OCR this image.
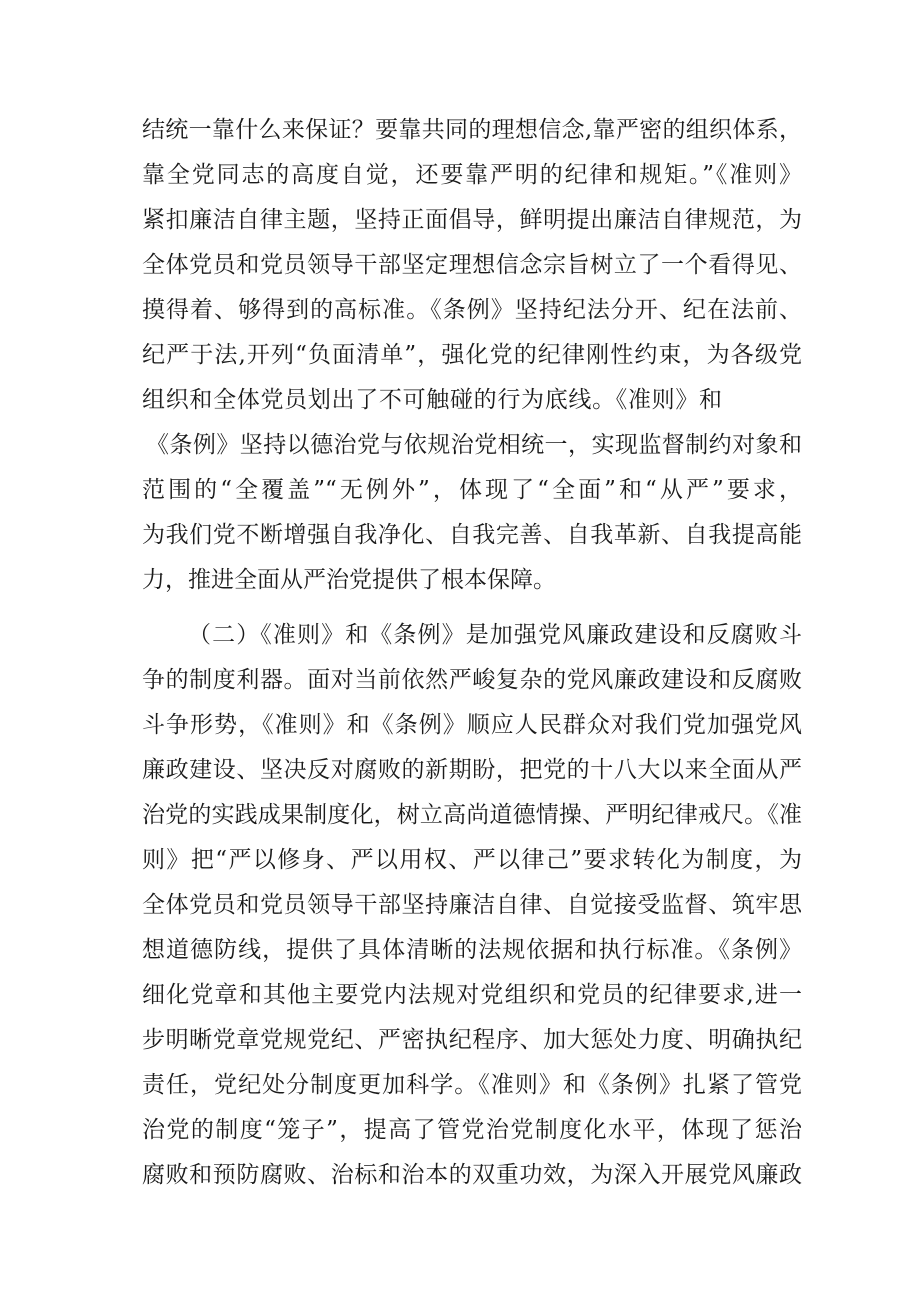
结统一靠什么来保证？要靠共同的理想信念,靠严密的组织体系，
靠全党同志的高度自觉，还要靠严明的纪律和规矩。”《准则》
紧扣廉洁自律主题，坚持正面倡导，鲜明提出廉洁自律规范，为
全体党员和党员领导干部坚定理想信念宗旨树立了一个看得见、
摸得着、够得到的高标准。《条例》坚持纪法分开、纪在法前、
纪严于法,开列“负面清单”，强化党的纪律刚性约束，为各级党
组织和全体党员划出了不可触碰的行为底线。《准则》和
《条例》坚持以德治党与依规治党相统一，实现监督制约对象和
范围的“全覆盖”“无例外”，体现了“全面”和“从严”要求，
为我们党不断增强自我净化、自我完善、自我革新、自我提高能
力，推进全面从严治党提供了根本保障。
（二）《准则》和《条例》是加强党风廉政建设和反腐败斗
争的制度利器。面对当前依然严峻复杂的党风廉政建设和反腐败
斗争形势，《准则》和《条例》顺应人民群众对我们党加强党风
廉政建设、坚决反对腐败的新期盼，把党的十八大以来全面从严
治党的实践成果制度化，树立高尚道德情操、严明纪律戒尺。《准
则》把“严以修身、严以用权、严以律己”要求转化为制度，为
全体党员和党员领导干部坚持廉洁自律、自觉接受监督、筑牢思
想道德防线，提供了具体清晰的法规依据和执行标准。《条例》
细化党章和其他主要党内法规对党组织和党员的纪律要求,进一
步明晰党章党规党纪、严密执纪程序、加大惩处力度、明确执纪
责任，党纪处分制度更加科学。《准则》和《条例》扎紧了管党
治党的制度“笼子”，提高了管党治党制度化水平，体现了惩治
腐败和预防腐败、治标和治本的双重功效，为深入开展党风廉政
